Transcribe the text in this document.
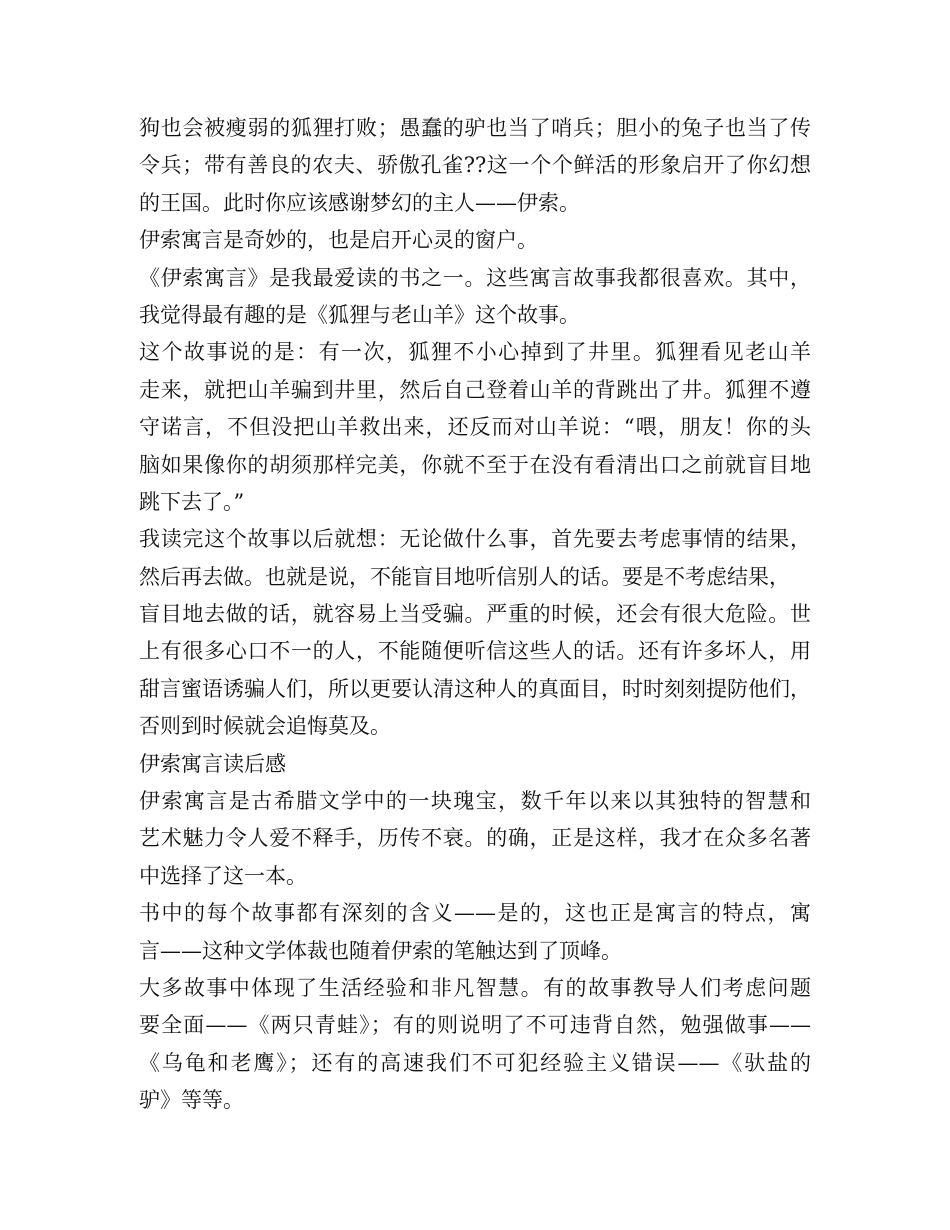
狗也会被瘦弱的狐狸打败；愚蠢的驴也当了哨兵；胆小的兔子也当了传
令兵；带有善良的农夫、骄傲孔雀??这一个个鲜活的形象启开了你幻想
的王国。此时你应该感谢梦幻的主人——伊索。
伊索寓言是奇妙的，也是启开心灵的窗户。
《伊索寓言》是我最爱读的书之一。这些寓言故事我都很喜欢。其中，
我觉得最有趣的是《狐狸与老山羊》这个故事。
这个故事说的是：有一次，狐狸不小心掉到了井里。狐狸看见老山羊
走来，就把山羊骗到井里，然后自己登着山羊的背跳出了井。狐狸不遵
守诺言，不但没把山羊救出来，还反而对山羊说：“喂，朋友！你的头
脑如果像你的胡须那样完美，你就不至于在没有看清出口之前就盲目地
跳下去了。”
我读完这个故事以后就想：无论做什么事，首先要去考虑事情的结果，
然后再去做。也就是说，不能盲目地听信别人的话。要是不考虑结果，
盲目地去做的话，就容易上当受骗。严重的时候，还会有很大危险。世
上有很多心口不一的人，不能随便听信这些人的话。还有许多坏人，用
甜言蜜语诱骗人们，所以更要认清这种人的真面目，时时刻刻提防他们，
否则到时候就会追悔莫及。
伊索寓言读后感
伊索寓言是古希腊文学中的一块瑰宝，数千年以来以其独特的智慧和
艺术魅力令人爱不释手，历传不衰。的确，正是这样，我才在众多名著
中选择了这一本。
书中的每个故事都有深刻的含义——是的，这也正是寓言的特点，寓
言——这种文学体裁也随着伊索的笔触达到了顶峰。
大多故事中体现了生活经验和非凡智慧。有的故事教导人们考虑问题
要全面——《两只青蛙》；有的则说明了不可违背自然，勉强做事——
《乌龟和老鹰》；还有的高速我们不可犯经验主义错误——《驮盐的
驴》等等。
